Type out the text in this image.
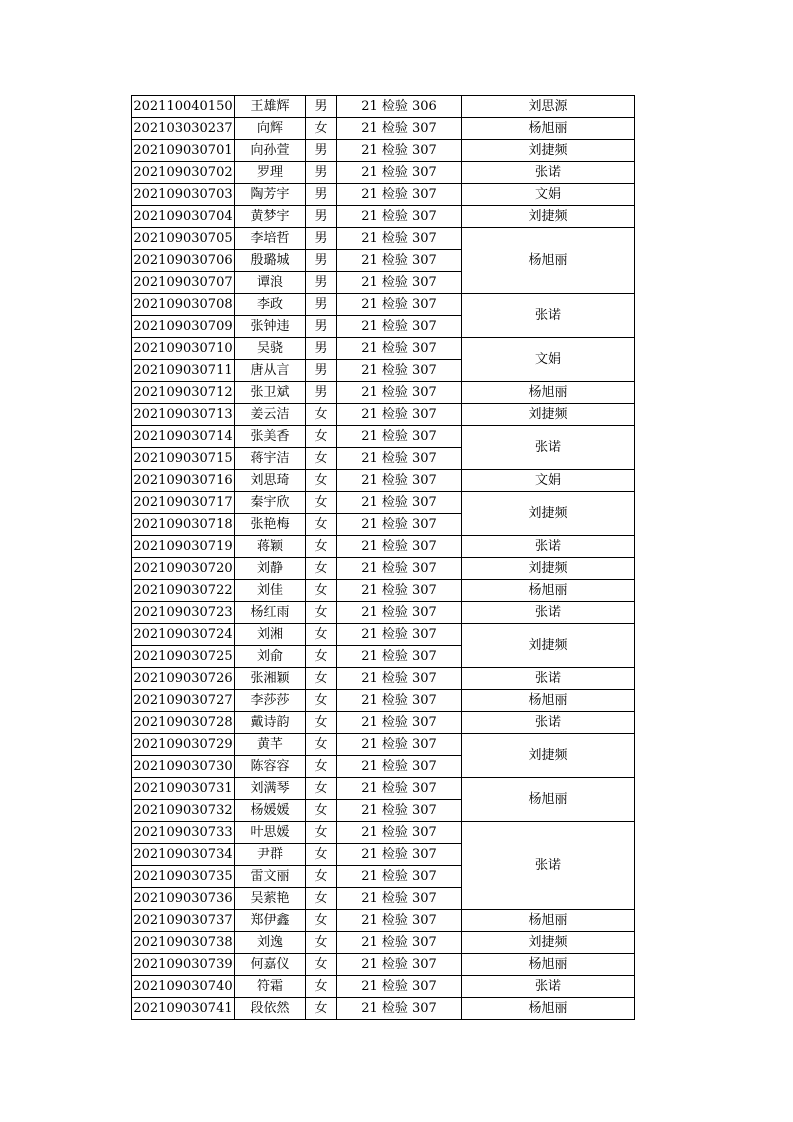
202110040150	王雄辉	男	21 检验 306	刘思源
202103030237	向辉	女	21 检验 307	杨旭丽
202109030701	向孙萱	男	21 检验 307	刘捷频
202109030702	罗理	男	21 检验 307	张诺
202109030703	陶芳宇	男	21 检验 307	文娟
202109030704	黄梦宇	男	21 检验 307	刘捷频
202109030705	李培哲	男	21 检验 307	杨旭丽
202109030706	殷璐城	男	21 检验 307	
202109030707	谭浪	男	21 检验 307	
202109030708	李政	男	21 检验 307	张诺
202109030709	张钟违	男	21 检验 307	
202109030710	吴骁	男	21 检验 307	文娟
202109030711	唐从言	男	21 检验 307	
202109030712	张卫斌	男	21 检验 307	杨旭丽
202109030713	姜云洁	女	21 检验 307	刘捷频
202109030714	张美香	女	21 检验 307	张诺
202109030715	蒋宇洁	女	21 检验 307	
202109030716	刘思琦	女	21 检验 307	文娟
202109030717	秦宇欣	女	21 检验 307	刘捷频
202109030718	张艳梅	女	21 检验 307	
202109030719	蒋颖	女	21 检验 307	张诺
202109030720	刘静	女	21 检验 307	刘捷频
202109030722	刘佳	女	21 检验 307	杨旭丽
202109030723	杨红雨	女	21 检验 307	张诺
202109030724	刘湘	女	21 检验 307	刘捷频
202109030725	刘俞	女	21 检验 307	
202109030726	张湘颖	女	21 检验 307	张诺
202109030727	李莎莎	女	21 检验 307	杨旭丽
202109030728	戴诗韵	女	21 检验 307	张诺
202109030729	黄芊	女	21 检验 307	刘捷频
202109030730	陈容容	女	21 检验 307	
202109030731	刘满琴	女	21 检验 307	杨旭丽
202109030732	杨媛媛	女	21 检验 307	
202109030733	叶思媛	女	21 检验 307	张诺
202109030734	尹群	女	21 检验 307	
202109030735	雷文丽	女	21 检验 307	
202109030736	吴萦艳	女	21 检验 307	
202109030737	郑伊鑫	女	21 检验 307	杨旭丽
202109030738	刘逸	女	21 检验 307	刘捷频
202109030739	何嘉仪	女	21 检验 307	杨旭丽
202109030740	符霜	女	21 检验 307	张诺
202109030741	段依然	女	21 检验 307	杨旭丽
